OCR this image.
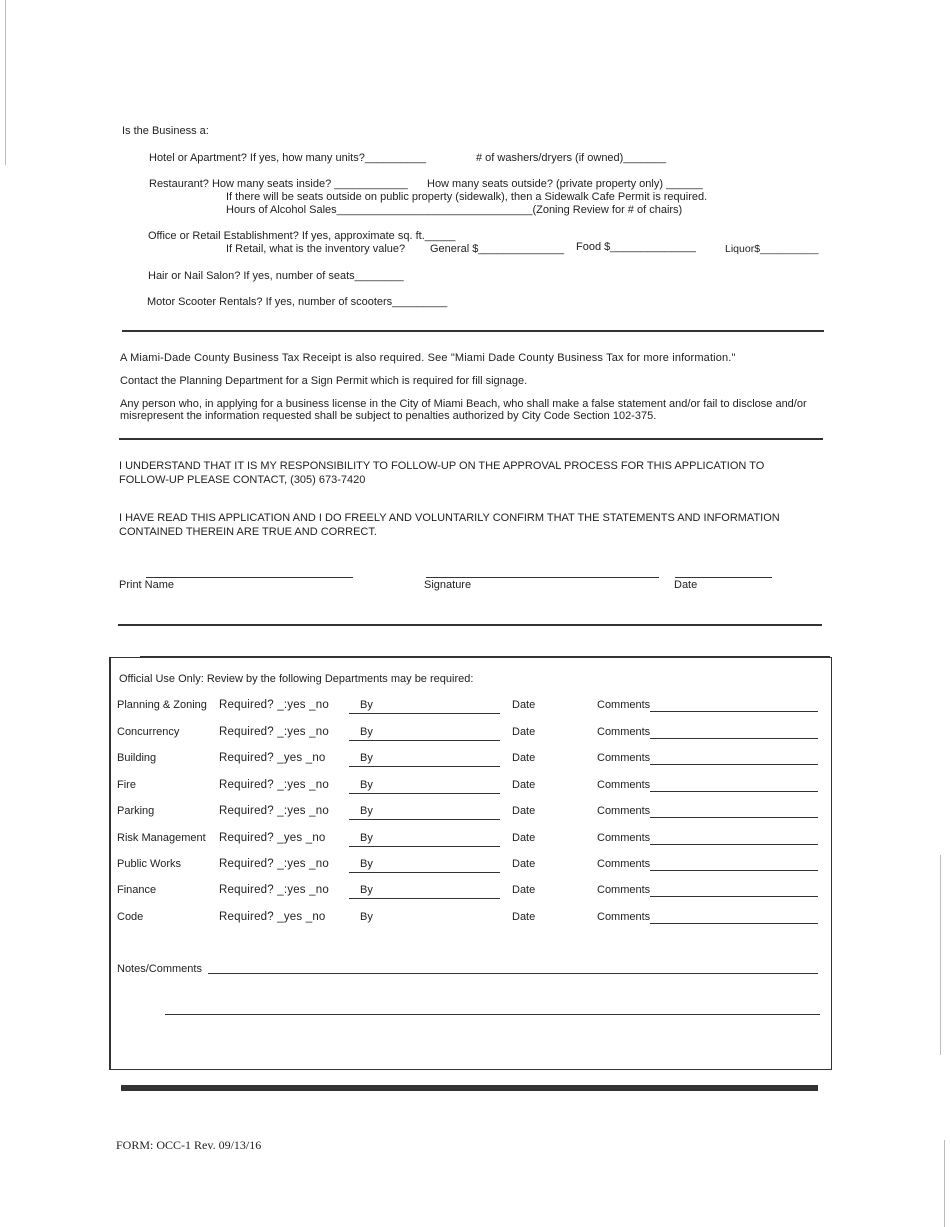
Is the Business a:
Hotel or Apartment? If yes, how many units?__________	# of washers/dryers (if owned)_______
Restaurant? How many seats inside? ____________ How many seats outside? (private property only) ______
If there will be seats outside on public property (sidewalk), then a Sidewalk Cafe Permit is required.
Hours of Alcohol Sales________________________________(Zoning Review for # of chairs)
Office or Retail Establishment? If yes, approximate sq. ft._____
If Retail, what is the inventory value? General $______________ Food $______________	Liquor$__________
Hair or Nail Salon? If yes, number of seats________
Motor Scooter Rentals? If yes, number of scooters_________
A Miami-Dade County Business Tax Receipt is also required. See "Miami Dade County Business Tax for more information."
Contact the Planning Department for a Sign Permit which is required for fill signage.
Any person who, in applying for a business license in the City of Miami Beach, who shall make a false statement and/or fail to disclose and/or
misrepresent the information requested shall be subject to penalties authorized by City Code Section 102-375.
I UNDERSTAND THAT IT IS MY RESPONSIBILITY TO FOLLOW-UP ON THE APPROVAL PROCESS FOR THIS APPLICATION TO
FOLLOW-UP PLEASE CONTACT, (305) 673-7420
I HAVE READ THIS APPLICATION AND I DO FREELY AND VOLUNTARILY CONFIRM THAT THE STATEMENTS AND INFORMATION
CONTAINED THEREIN ARE TRUE AND CORRECT.
Print Name	Signature	Date
Official Use Only: Review by the following Departments may be required:
Planning & Zoning Required? _:yes _no	By	Date	Comments
Concurrency	Required? _:yes _no	By	Date	Comments
Building	Required? _yes _no	By	Date	Comments
Fire	Required? _:yes _no	By	Date	Comments
Parking	Required? _:yes _no	By	Date	Comments
Risk Management Required? _yes _no	By	Date	Comments
Public Works	Required? _:yes _no	By	Date	Comments
Finance	Required? _:yes _no	By	Date	Comments
Code	Required? _yes _no	By	Date	Comments
Notes/Comments
FORM: OCC-1 Rev. 09/13/16
